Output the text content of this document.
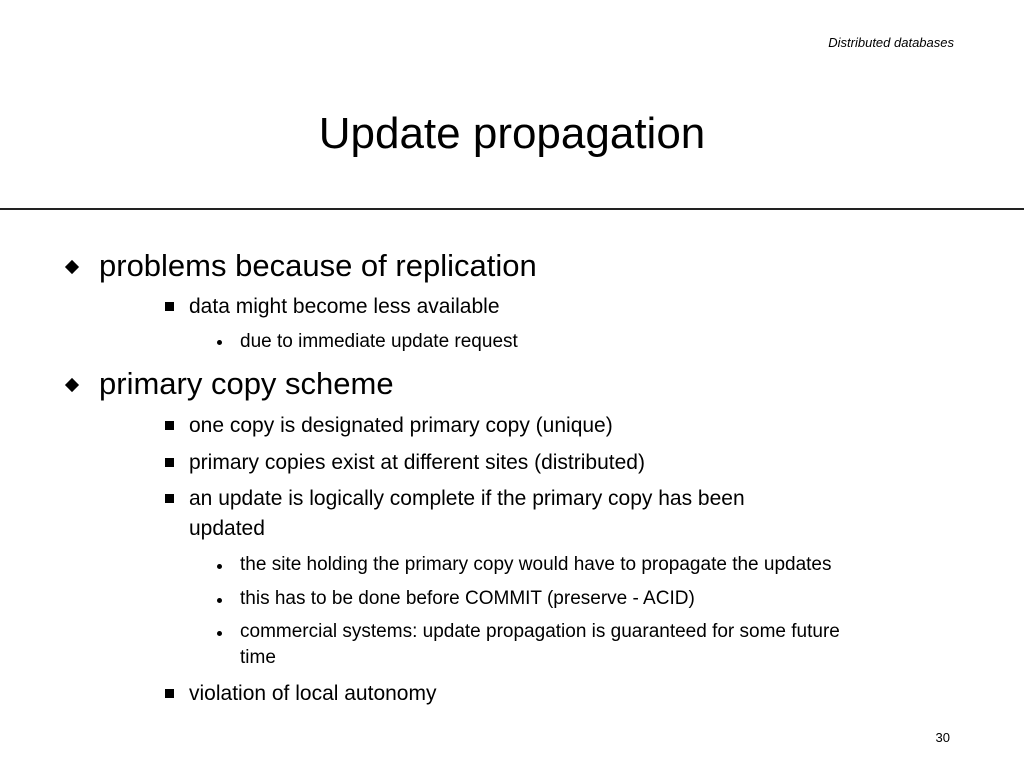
Distributed databases
Update propagation
problems because of replication
data might become less available
due to immediate update request
primary copy scheme
one copy is designated primary copy (unique)
primary copies exist at different sites (distributed)
an update is logically complete if the primary copy has been
updated
the site holding the primary copy would have to propagate the updates
this has to be done before COMMIT (preserve - ACID)
commercial systems: update propagation is guaranteed for some future
time
violation of local autonomy
30
